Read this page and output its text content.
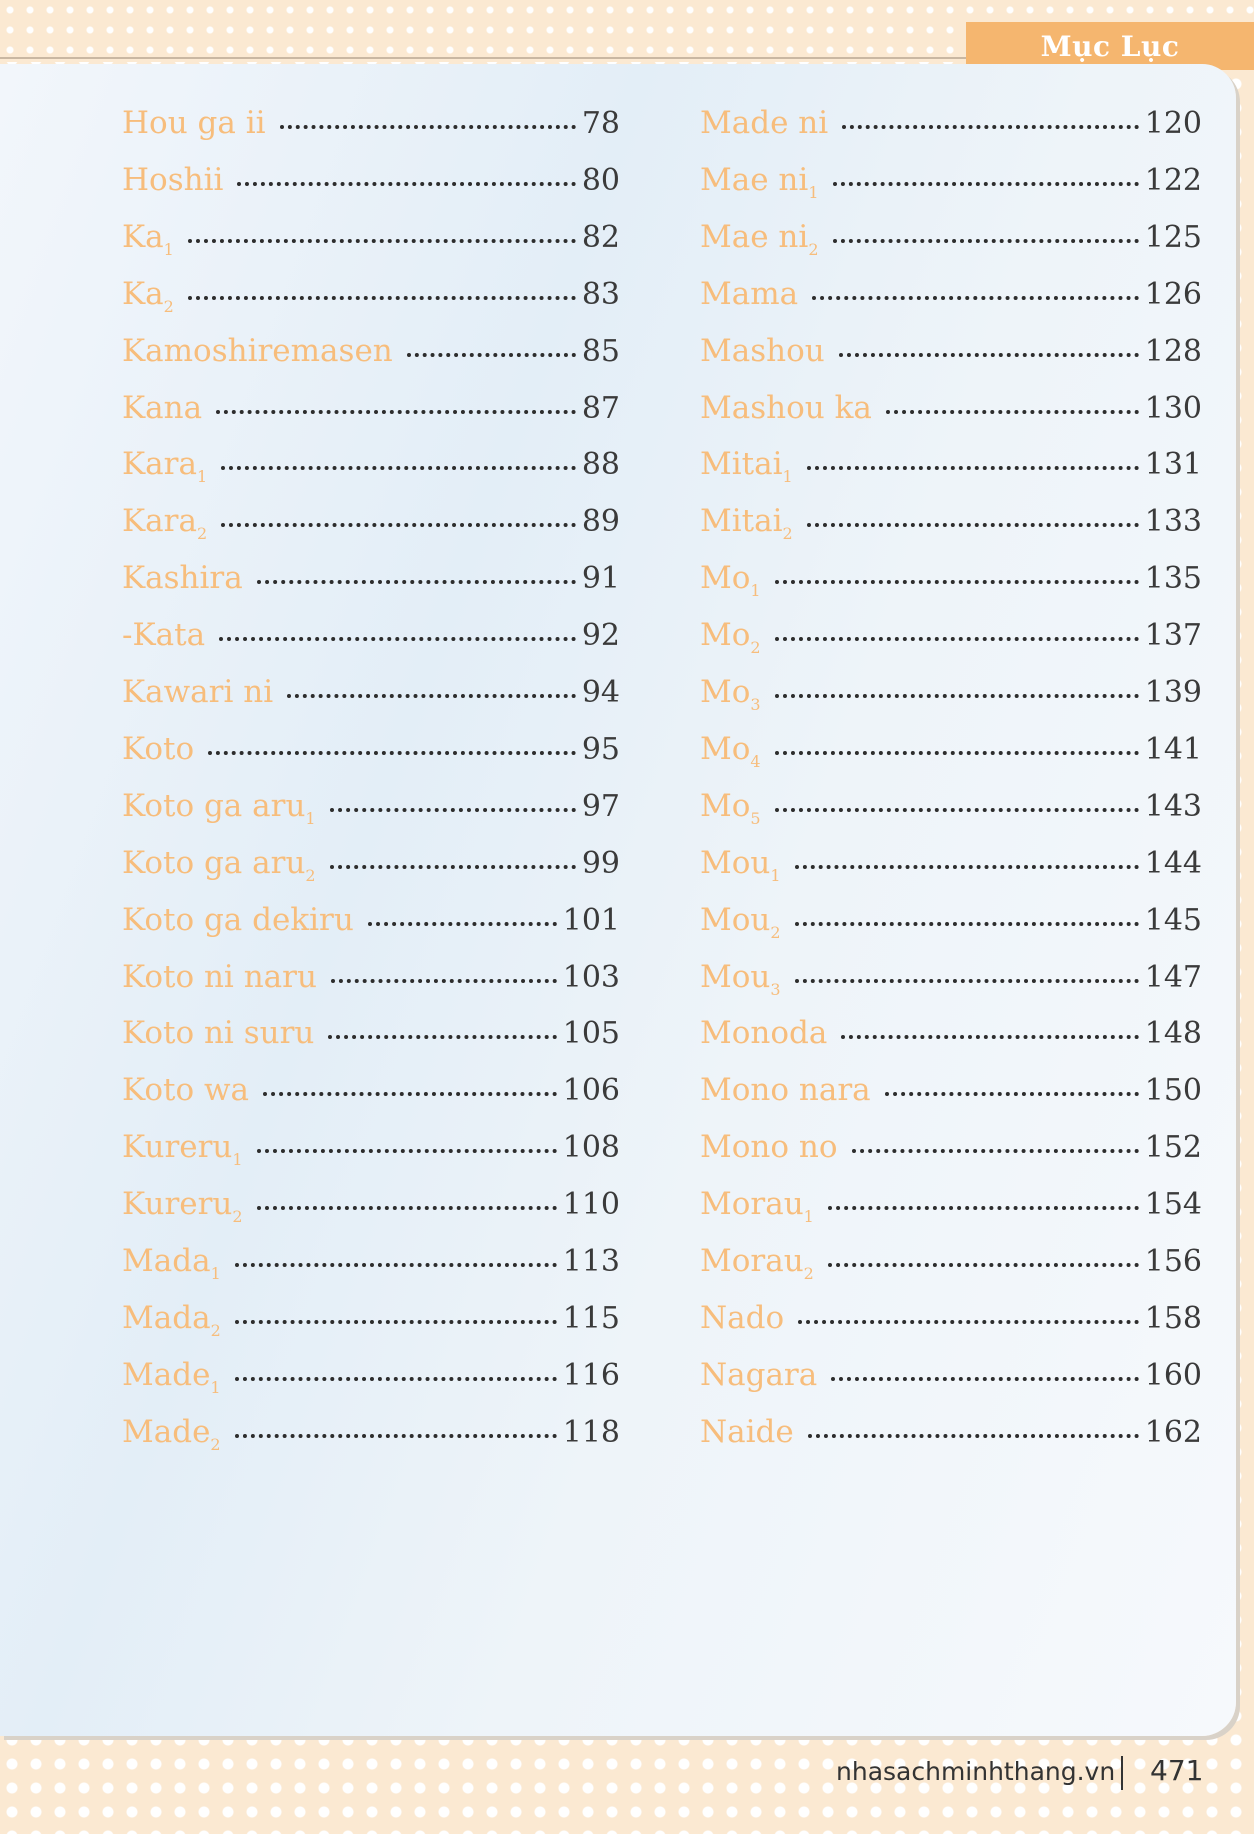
Mục Lục
Hou ga ii	78
Hoshii	80
$Ka_1$	82
$Ka_2$	83
Kamoshiremasen	85
Kana	87
Kara$_1$	88
Kara$_2$	89
Kashira	91
-Kata	92
Kawari ni	94
Koto	95
Koto ga aru$_1$	97
Koto ga aru$_2$	99
Koto ga dekiru	101
Koto ni naru	103
Koto ni suru	105
Koto wa	106
Kureru$_1$	108
Kureru$_2$	110
Mada$_1$	113
Mada$_2$	115
Made$_1$	116
Made$_2$	118
Made ni	120
Mae $ni_1$	122
Mae $ni_2$	125
Mama	126
Mashou	128
Mashou ka	130
Mitai$_1$	131
Mitai$_2$	133
$Mo_1$	135
$Mo_2$	137
$Mo_3$	139
$Mo_4$	141
$Mo_5$	143
Mou$_1$	144
Mou$_2$	145
Mou$_3$	147
Monoda	148
Mono nara	150
Mono no	152
Morau$_1$	154
Morau$_2$	156
Nado	158
Nagara	160
Naide	162
nhasachminhthang.vn 471
